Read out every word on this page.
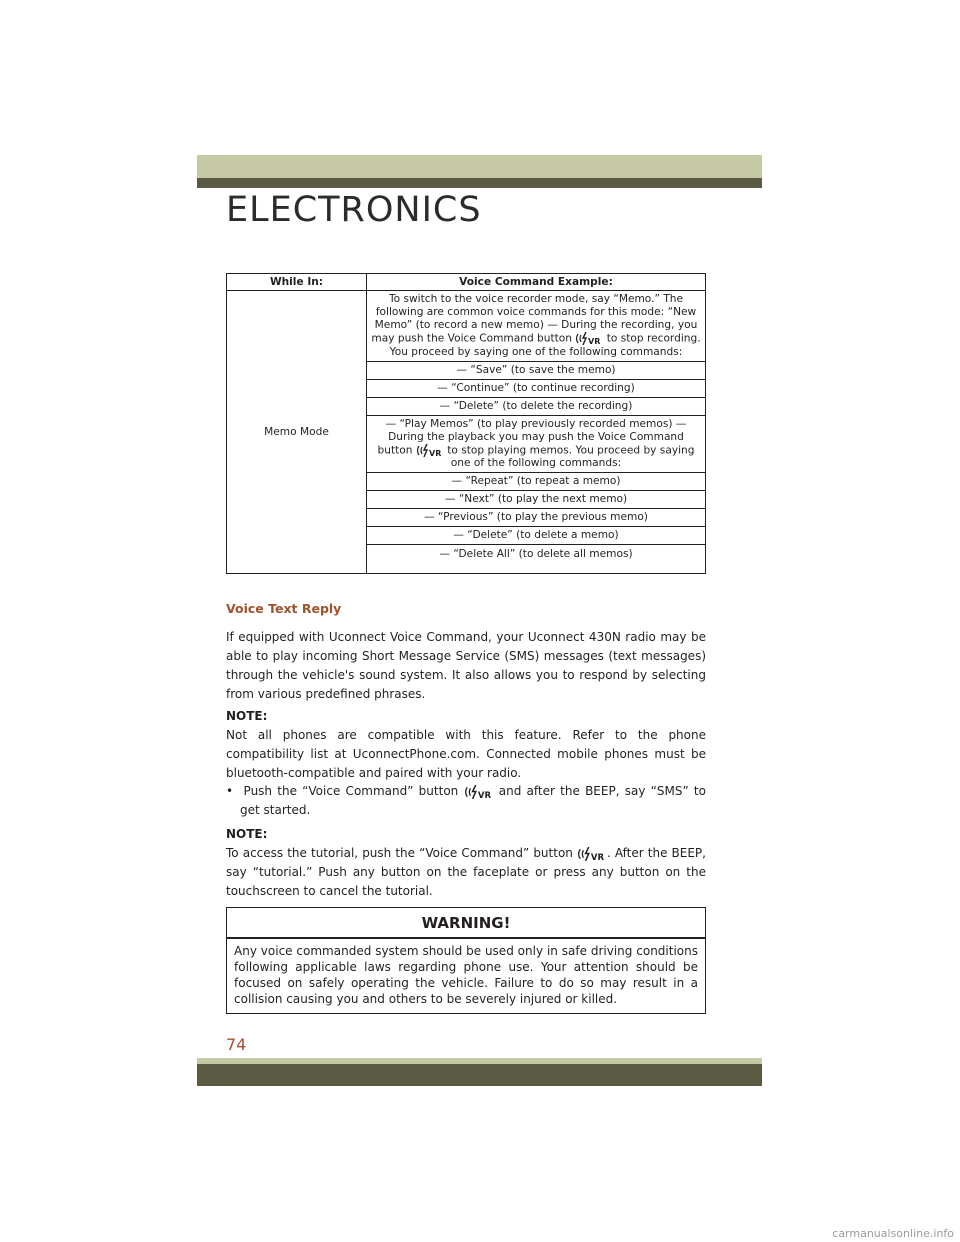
ELECTRONICS
While In:	Voice Command Example:
Memo Mode	To switch to the voice recorder mode, say “Memo.” The following are common voice commands for this mode: “New Memo” (to record a new memo) — During the recording, you may push the Voice Command button VR to stop recording. You proceed by saying one of the following commands:
	— “Save” (to save the memo)
	— “Continue” (to continue recording)
	— “Delete” (to delete the recording)
	— “Play Memos” (to play previously recorded memos) — During the playback you may push the Voice Command button VR to stop playing memos. You proceed by saying one of the following commands:
	— “Repeat” (to repeat a memo)
	— “Next” (to play the next memo)
	— “Previous” (to play the previous memo)
	— “Delete” (to delete a memo)
	— “Delete All” (to delete all memos)
Voice Text Reply
If equipped with Uconnect Voice Command, your Uconnect 430N radio may be able to play incoming Short Message Service (SMS) messages (text messages) through the vehicle's sound system. It also allows you to respond by selecting from various predefined phrases.
NOTE:
Not all phones are compatible with this feature. Refer to the phone compatibility list at UconnectPhone.com. Connected mobile phones must be bluetooth-compatible and paired with your radio.
•  Push the “Voice Command” button VR and after the BEEP, say “SMS” to get started.
NOTE:
To access the tutorial, push the “Voice Command” button VR . After the BEEP, say “tutorial.” Push any button on the faceplate or press any button on the touchscreen to cancel the tutorial.
WARNING!
Any voice commanded system should be used only in safe driving conditions following applicable laws regarding phone use. Your attention should be focused on safely operating the vehicle. Failure to do so may result in a collision causing you and others to be severely injured or killed.
74
carmanualsonline.info
